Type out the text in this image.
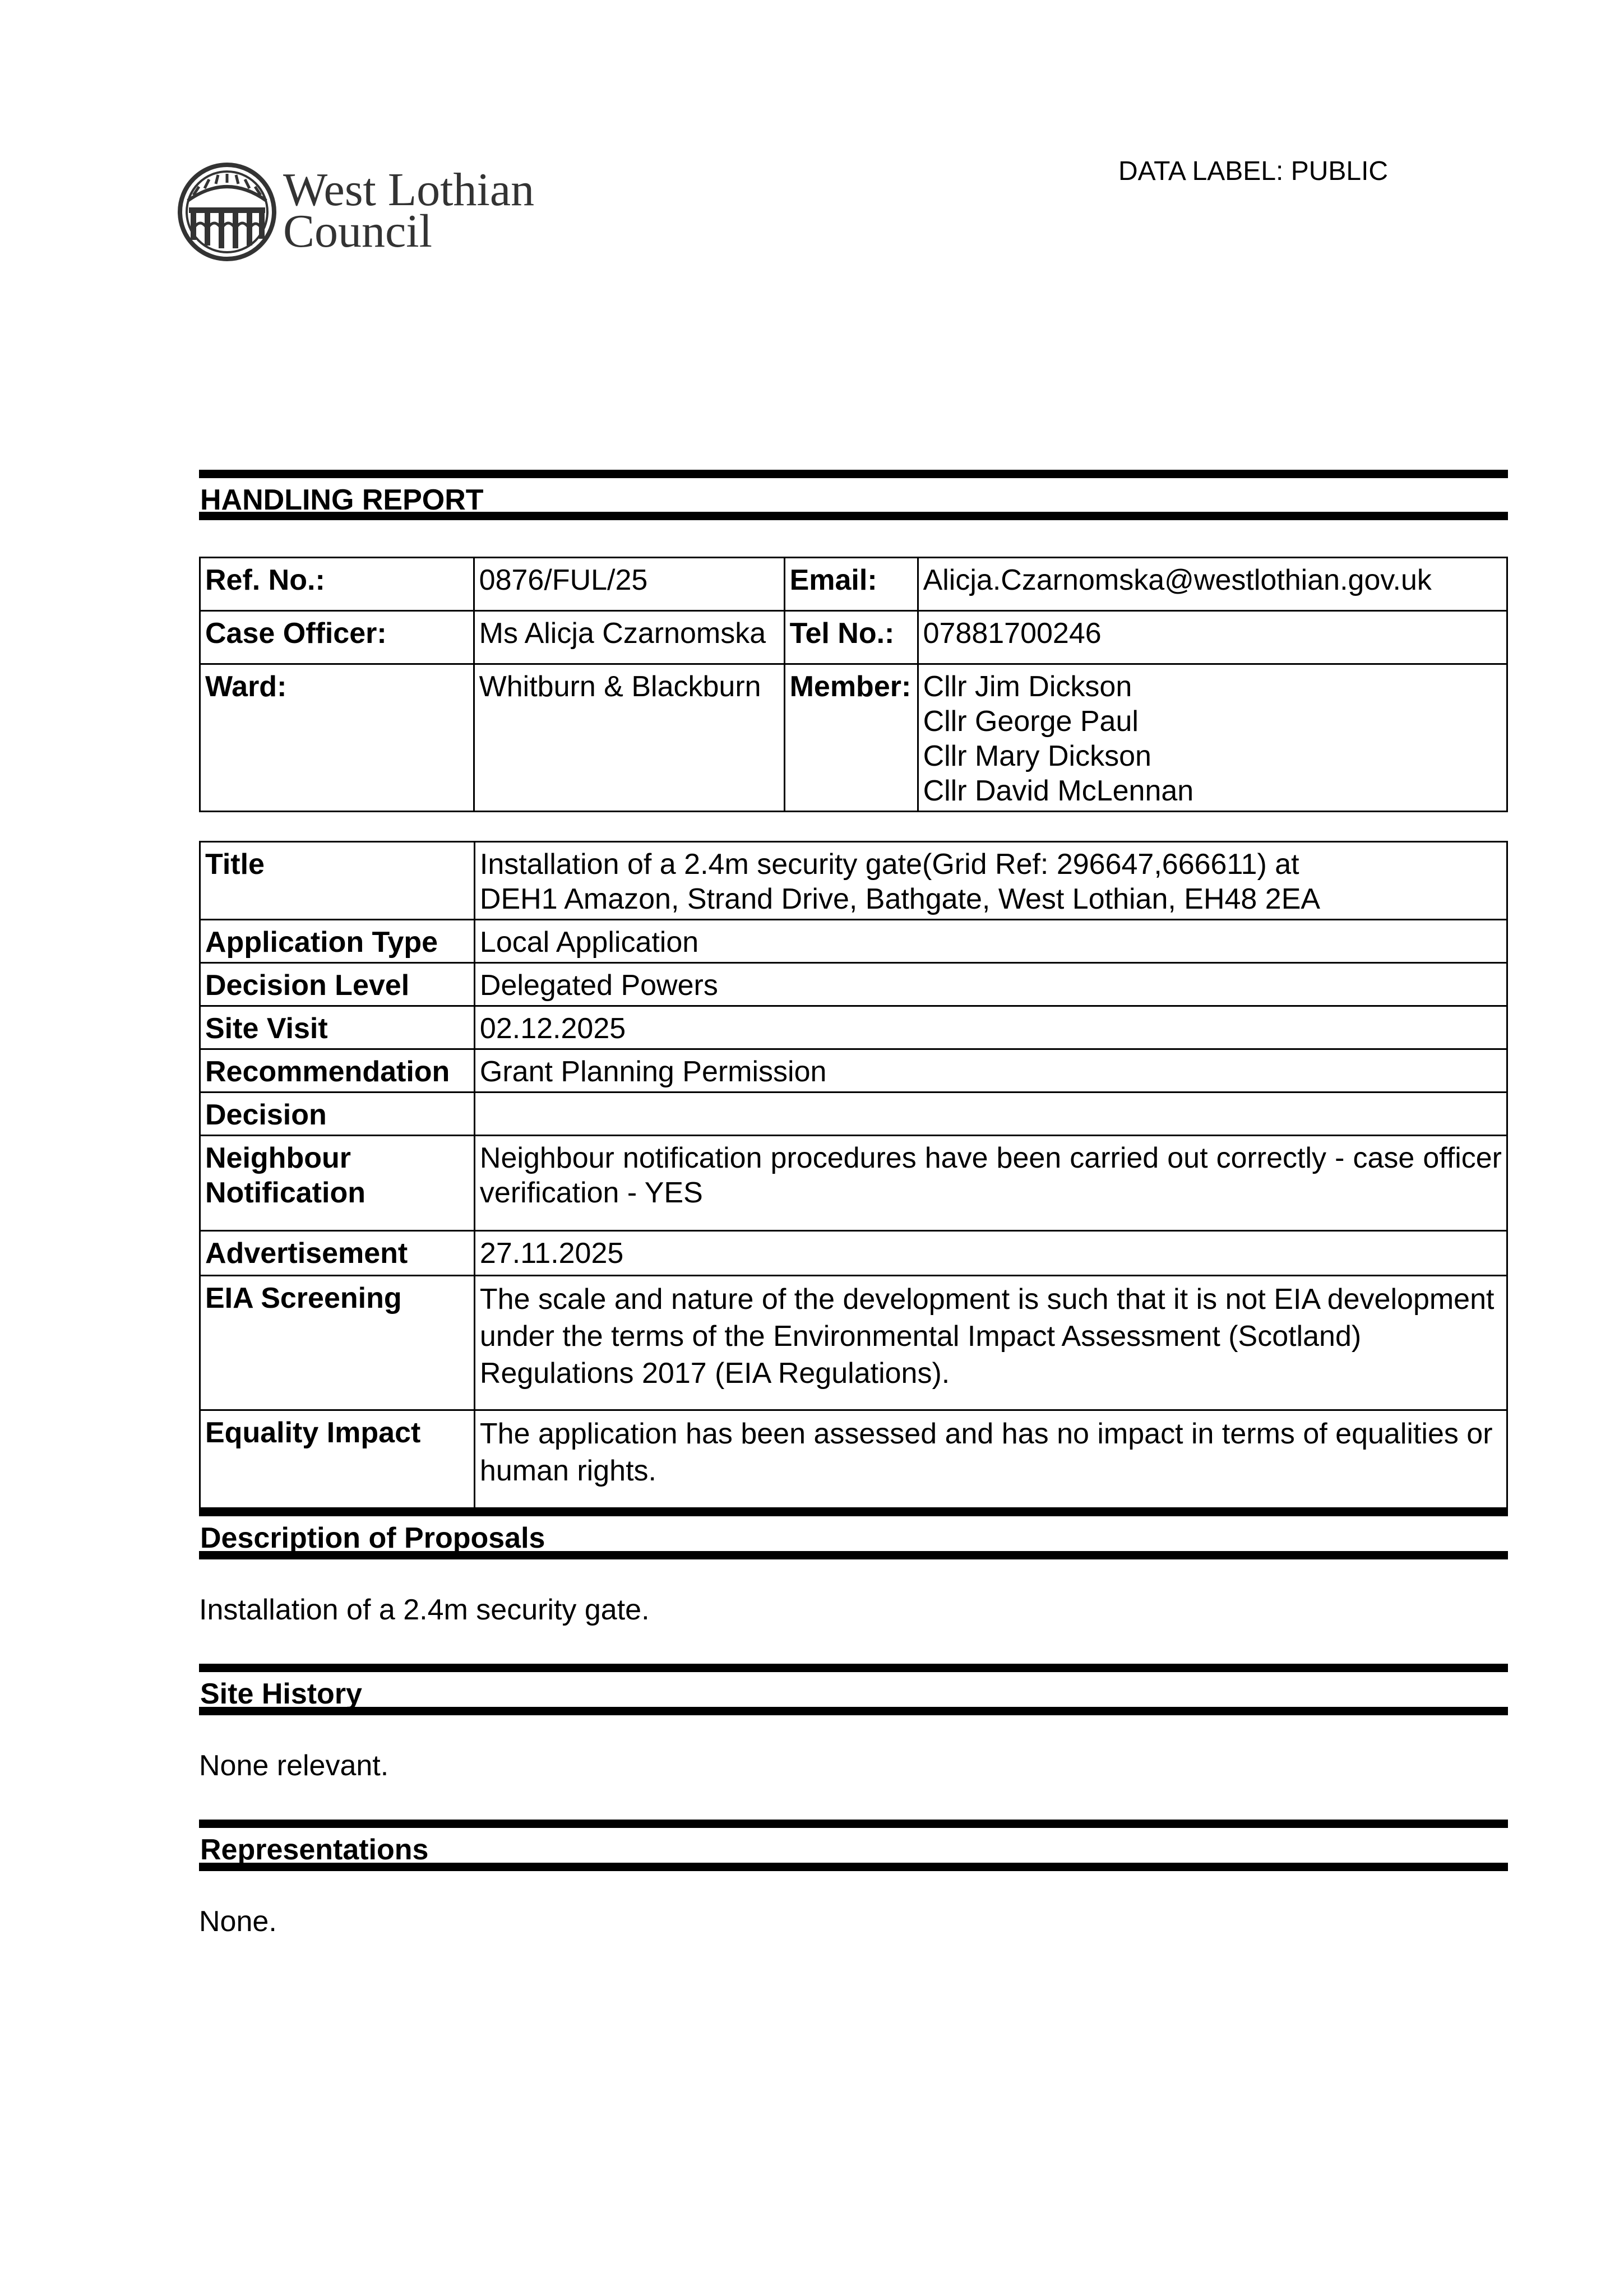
West Lothian
Council
DATA LABEL: PUBLIC
HANDLING REPORT
Ref. No.:	0876/FUL/25	Email:	Alicja.Czarnomska@westlothian.gov.uk
Case Officer:	Ms Alicja Czarnomska	Tel No.:	07881700246
Ward:	Whitburn & Blackburn	Member:	Cllr Jim Dickson
Cllr George Paul
Cllr Mary Dickson
Cllr David McLennan
Title	Installation of a 2.4m security gate(Grid Ref: 296647,666611) at
DEH1 Amazon, Strand Drive, Bathgate, West Lothian, EH48 2EA

Application Type	Local Application
Decision Level	Delegated Powers
Site Visit	02.12.2025
Recommendation	Grant Planning Permission
Decision	

Neighbour
Notification	Neighbour notification procedures have been carried out correctly - case officer verification - YES
Advertisement	27.11.2025
EIA Screening	The scale and nature of the development is such that it is not EIA development under the terms of the Environmental Impact Assessment (Scotland) Regulations 2017 (EIA Regulations).
Equality Impact	The application has been assessed and has no impact in terms of equalities or human rights.
Description of Proposals
Installation of a 2.4m security gate.
Site History
None relevant.
Representations
None.
